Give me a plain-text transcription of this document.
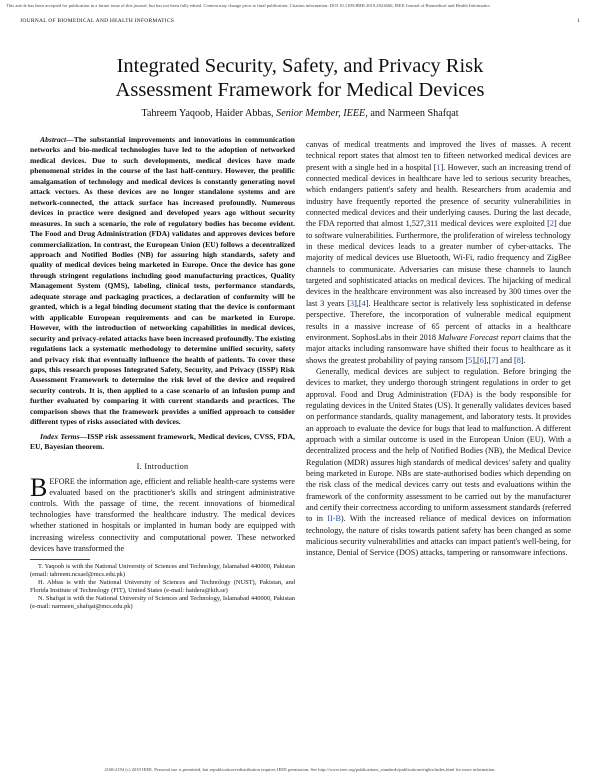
This article has been accepted for publication in a future issue of this journal, but has not been fully edited. Content may change prior to final publication. Citation information: DOI 10.1109/JBHI.2019.2922666, IEEE Journal of Biomedical and Health Informatics
JOURNAL OF BIOMEDICAL AND HEALTH INFORMATICS	1
Integrated Security, Safety, and Privacy Risk
Assessment Framework for Medical Devices
Tahreem Yaqoob, Haider Abbas, Senior Member, IEEE, and Narmeen Shafqat

Abstract—The substantial improvements and innovations in communication networks and bio-medical technologies have led to the adoption of networked medical devices. Due to such developments, medical devices have made phenomenal strides in the course of the last half-century. However, the prolific amalgamation of technology and medical devices is constantly generating novel attack vectors. As these devices are no longer standalone systems and are network-connected, the attack surface has increased profoundly. Numerous devices in practice were designed and developed years ago without security measures. In such a scenario, the role of regulatory bodies has become evident. The Food and Drug Administration (FDA) validates and approves devices before commercialization. In contrast, the European Union (EU) follows a decentralized approach and Notified Bodies (NB) for assuring high standards, safety and quality of medical devices being marketed in Europe. Once the device has gone through stringent regulations including good manufacturing practices, Quality Management System (QMS), labeling, clinical tests, performance standards, adequate storage and packaging practices, a declaration of conformity will be granted, which is a legal binding document stating that the device is conformant with applicable European requirements and can be marketed in Europe. However, with the introduction of networking capabilities in medical devices, security and privacy-related attacks have been increased profoundly. The existing regulations lack a systematic methodology to determine unified security, safety and privacy risk that eventually influence the health of patients. To cover these gaps, this research proposes Integrated Safety, Security, and Privacy (ISSP) Risk Assessment Framework to determine the risk level of the device and required security controls. It is, then applied to a case scenario of an infusion pump and further evaluated by comparing it with current standards and practices. The comparison shows that the framework provides a unified approach to consider different types of risks associated with devices.

Index Terms—ISSP risk assessment framework, Medical devices, CVSS, FDA, EU, Bayesian theorem.

I. Introduction

BEFORE the information age, efficient and reliable health-care systems were evaluated based on the practitioner's skills and stringent administrative controls. With the passage of time, the recent innovations of biomedical technologies have transformed the healthcare industry. The medical devices whether stationed in hospitals or implanted in human body are equipped with increasing wireless connectivity and computational power. These networked devices have transformed the

T. Yaqoob is with the National University of Sciences and Technology, Islamabad 440000, Pakistan (email: tahreem.ncsael@mcs.edu.pk)

H. Abbas is with the National University of Sciences and Technology (NUST), Pakistan, and Florida Institute of Technology (FIT), United States (e-mail: haidera@kth.se)

N. Shafqat is with the National University of Sciences and Technology, Islamabad 440000, Pakistan (e-mail: narmeen_shafqat@mcs.edu.pk)

canvas of medical treatments and improved the lives of masses. A recent technical report states that almost ten to fifteen networked medical devices are present with a single bed in a hospital [1]. However, such an increasing trend of connected medical devices in healthcare have led to serious security breaches, which endangers patient's safety and health. Researchers from academia and industry have frequently reported the presence of security vulnerabilities in connected medical devices and their underlying causes. During the last decade, the FDA reported that almost 1,527,311 medical devices were exploited [2] due to software vulnerabilities. Furthermore, the proliferation of wireless technology in these medical devices leads to a greater number of cyber-attacks. The majority of medical devices use Bluetooth, Wi-Fi, radio frequency and ZigBee channels to communicate. Adversaries can misuse these channels to launch targeted and sophisticated attacks on medical devices. The hijacking of medical devices in the healthcare environment was also increased by 300 times over the last 3 years [3],[4]. Healthcare sector is relatively less sophisticated in defense perspective. Therefore, the incorporation of vulnerable medical equipment results in a massive increase of 65 percent of attacks in a healthcare environment. SophosLabs in their 2018 Malware Forecast report claims that the major attacks including ransomware have shifted their focus to healthcare as it shows the greatest probability of paying ransom [5],[6],[7] and [8].

Generally, medical devices are subject to regulation. Before bringing the devices to market, they undergo thorough stringent regulations in order to get approval. Food and Drug Administration (FDA) is the body responsible for regulating devices in the United States (US). It generally validates devices based on performance standards, quality management, and laboratory tests. It provides an approach to evaluate the device for bugs that lead to malfunction. A different approach with a similar outcome is used in the European Union (EU). With a decentralized process and the help of Notified Bodies (NB), the Medical Device Regulation (MDR) assures high standards of medical devices' safety and quality being marketed in Europe. NBs are state-authorised bodies which depending on the risk class of the medical devices carry out tests and evaluations within the framework of the conformity assessment to be carried out by the manufacturer and certify their correctness according to uniform assessment standards (referred to in II-B). With the increased reliance of medical devices on information technology, the nature of risks towards patient safety has been changed as some malicious security vulnerabilities and attacks can impact patient's well-being, for instance, Denial of Service (DOS) attacks, tampering or ransomware infections.

2168-2194 (c) 2019 IEEE. Personal use is permitted, but republication/redistribution requires IEEE permission. See http://www.ieee.org/publications_standards/publications/rights/index.html for more information.
